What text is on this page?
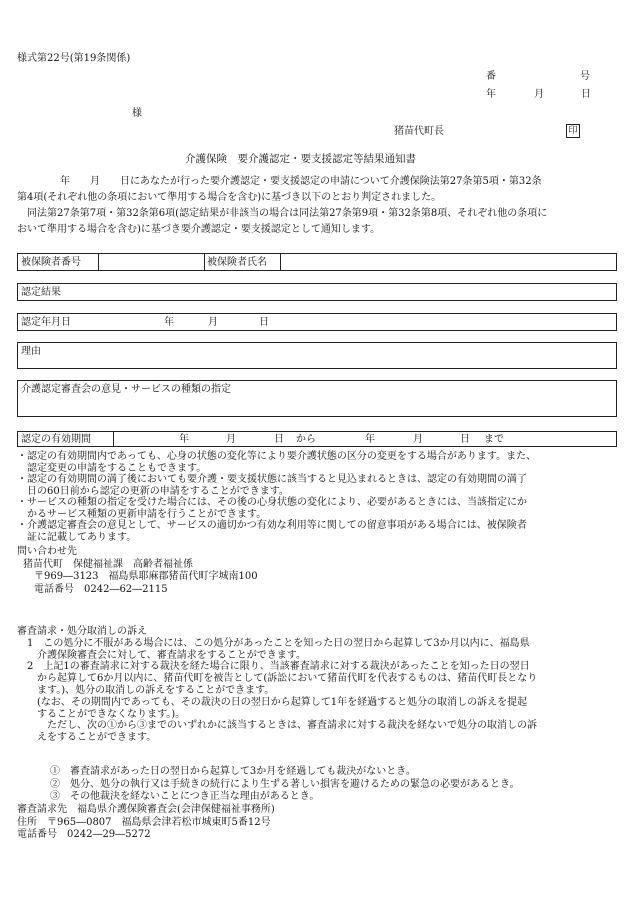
様式第22号(第19条関係)
番	号
年	月	日
様
猪苗代町長	印
介護保険　要介護認定・要支援認定等結果通知書
年　　月　　日にあなたが行った要介護認定・要支援認定の申請について介護保険法第27条第5項・第32条
第4項(それぞれ他の条項において準用する場合を含む)に基づき以下のとおり判定されました。
同法第27条第7項・第32条第6項(認定結果が非該当の場合は同法第27条第9項・第32条第8項、それぞれ他の条項に
おいて準用する場合を含む)に基づき要介護認定・要支援認定として通知します。
被保険者番号	被保険者氏名
認定結果
認定年月日	年	月	日
理由
介護認定審査会の意見・サービスの種類の指定
認定の有効期間	年	月	日 から	年	月	日 まで
・認定の有効期間内であっても、心身の状態の変化等により要介護状態の区分の変更をする場合があります。また、
　認定変更の申請をすることもできます。
・認定の有効期間の満了後においても要介護・要支援状態に該当すると見込まれるときは、認定の有効期間の満了
　日の60日前から認定の更新の申請をすることができます。
・サービスの種類の指定を受けた場合には、その後の心身状態の変化により、必要があるときには、当該指定にか
　かるサービス種類の更新申請を行うことができます。
・介護認定審査会の意見として、サービスの適切かつ有効な利用等に関しての留意事項がある場合には、被保険者
　証に記載してあります。
問い合わせ先
猪苗代町　保健福祉課　高齢者福祉係
〒969―3123　福島県耶麻郡猪苗代町字城南100
電話番号　0242―62―2115
審査請求・処分取消しの訴え
1　この処分に不服がある場合には、この処分があったことを知った日の翌日から起算して3か月以内に、福島県
　介護保険審査会に対して、審査請求をすることができます。
2　上記1の審査請求に対する裁決を経た場合に限り、当該審査請求に対する裁決があったことを知った日の翌日
　から起算して6か月以内に、猪苗代町を被告として(訴訟において猪苗代町を代表するものは、猪苗代町長となり
　ます。)、処分の取消しの訴えをすることができます。
　(なお、その期間内であっても、その裁決の日の翌日から起算して1年を経過すると処分の取消しの訴えを提起
　することができなくなります。)。
　　ただし、次の①から③までのいずれかに該当するときは、審査請求に対する裁決を経ないで処分の取消しの訴
　えをすることができます。
①　審査請求があった日の翌日から起算して3か月を経過しても裁決がないとき。
②　処分、処分の執行又は手続きの続行により生ずる著しい損害を避けるための緊急の必要があるとき。
③　その他裁決を経ないことにつき正当な理由があるとき。
審査請求先　福島県介護保険審査会(会津保健福祉事務所)
住所　〒965―0807　福島県会津若松市城東町5番12号
電話番号　0242―29―5272
